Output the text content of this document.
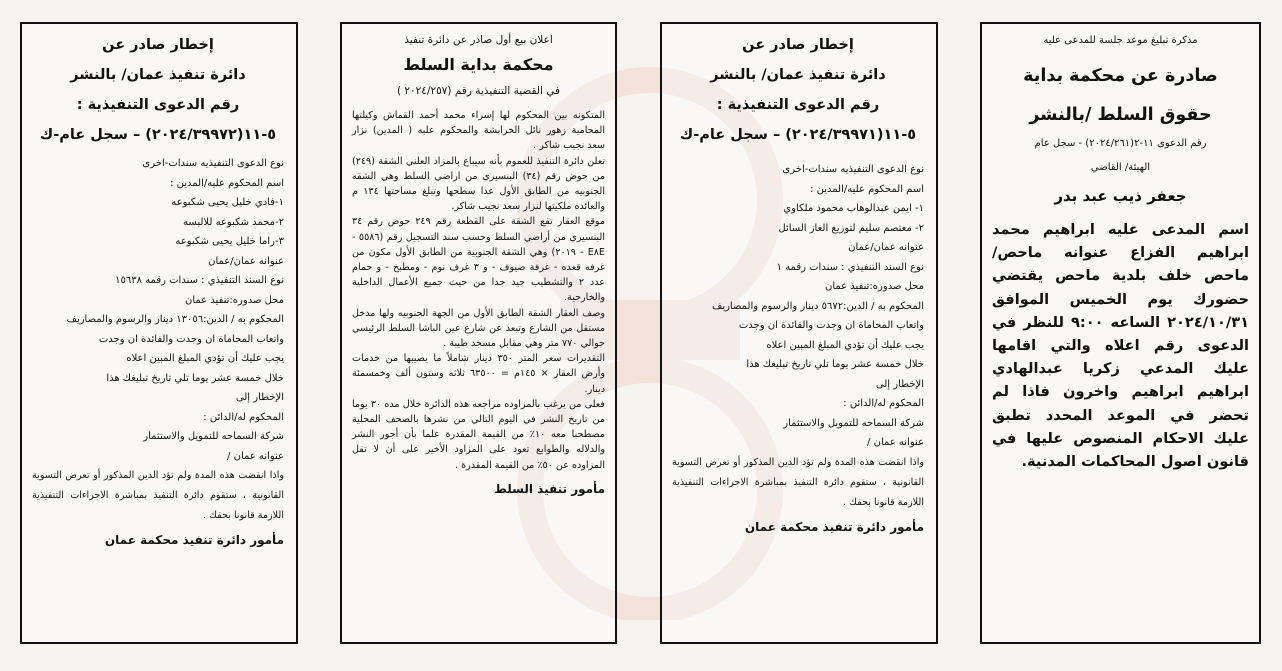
إخطار صادر عن
دائرة تنفيذ عمان/ بالنشر
رقم الدعوى التنفيذية :
٥-١١(٢٠٢٤/٣٩٩٧٢) – سجل عام-ك

نوع الدعوى التنفيذيه سندات-اخرى

اسم المحكوم عليه/المدين :

١-فادي خليل يحيى شكبوعه

٢-محمد شكبوعه للالبسه

٣-راما خليل يحيى شكبوعه

عنوانه عمان/عمان

نوع السند التنفيذي : سندات رقمه ١٥٦٣٨

محل صدوره:تنفيذ عمان

المحكوم به / الدين:١٣٠٥٦ دينار والرسوم والمصاريف

واتعاب المحاماة ان وجدت والفائدة ان وجدت

يجب عليك أن تؤدي المبلغ المبين اعلاه

خلال خمسة عشر يوما تلي تاريخ تبليغك هذا

الإخطار إلى

المحكوم له/الدائن :

شركة السماحه للتمويل والاستثمار

عنوانه عمان /

واذا انقضت هذه المدة ولم تؤد الدين المذكور أو تعرض التسوية القانونية ، ستقوم دائرة التنفيذ بمباشرة الاجراءات التنفيذية اللازمة قانونا بحقك .

مأمور دائرة تنفيذ محكمة عمان
اعلان بيع أول صادر عن دائرة تنفيذ
محكمة بداية السلط
في القضية التنفيذية رقم (٢٠٢٤/٢٥٧ )

المتكونه بين المحكوم لها إسراء محمد أحمد القماش وكيلتها المحامية زهور نائل الخرابشة والمحكوم عليه ( المدين) نزار سعد نجيب شاكر .

تعلن دائرة التنفيذ للعموم بأنه سيباع بالمزاد العلني الشقة (٢٤٩) من حوض رقم (٣٤) البنسيري من اراضي السلط وهي الشقه الجنوبيه من الطابق الأول عدا سطحها وتبلغ مساحتها ١٣٤ م والعائده ملكيتها لنزار سعد نجيب شاكر.

موقع العقار تقع الشقة على القطعة رقم ٢٤٩ حوض رقم ٣٤ البنسيري من أراضي السلط وحسب سند التسجيل رقم (٥٥٨٦ - E٨E - ٢٠١٩) وهي الشقة الجنوبية من الطابق الأول مكون من غرفه قعده - غرفة ضيوف - و ٣ غرف نوم - ومطبخ - و حمام عدد ٢ والتشطيب جيد جدا من حيث جميع الأعمال الداخلية والخارجية.

وصف العقار الشقة الطابق الأول من الجهة الجنوبيه ولها مدخل مستقل من الشارع وتبعد عن شارع عين الباشا السلط الرئيسي حوالي ٧٧٠ متر وهي مقابل مسجد طيبة .

التقديرات سعر المتر ٣٥٠ دينار شاملاً ما يصيبها من خدمات وأرض العقار × ١٤٥م = ٦٣٥٠٠ ثلاثه وستون ألف وخمسمئة دينار.

فعلى من يرغب بالمزاوده مراجعه هذه الدائرة خلال مده ٣٠ يوما من تاريخ النشر في اليوم التالي من نشرها بالصحف المحلية مصطحبا معه ١٠٪ من القيمة المقدرة علما بأن أجور النشر والدلاله والطوابع تعود على المزاود الأخير على أن لا تقل المزاوده عن ٥٠٪ من القيمة المقدرة .

مأمور تنفيذ السلط
إخطار صادر عن
دائرة تنفيذ عمان/ بالنشر
رقم الدعوى التنفيذية :
٥-١١(٢٠٢٤/٣٩٩٧١) – سجل عام-ك

نوع الدعوى التنفيذيه سندات-اخرى

اسم المحكوم عليه/المدين :

١- ايمن عبدالوهاب محمود ملكاوي

٢- معتصم سليم لتوزيع الغاز السائل

عنوانه عمان/عمان

نوع السند التنفيذي : سندات رقمه ١

محل صدوره:تنفيذ عمان

المحكوم به / الدين:٥٦٧٢ دينار والرسوم والمصاريف

واتعاب المحاماة ان وجدت والفائدة ان وجدت

يجب عليك أن تؤدي المبلغ المبين اعلاه

خلال خمسة عشر يوما تلي تاريخ تبليغك هذا

الإخطار إلى

المحكوم له/الدائن :

شركة السماحه للتمويل والاستثمار

عنوانه عمان /

واذا انقضت هذه المدة ولم تؤد الدين المذكور أو تعرض التسوية القانونية ، ستقوم دائرة التنفيذ بمباشرة الاجراءات التنفيذية اللازمة قانونا بحقك .

مأمور دائرة تنفيذ محكمة عمان
مذكرة تبليغ موعد جلسة للمدعى عليه
صادرة عن محكمة بداية
حقوق السلط /بالنشر
رقم الدعوى ١١-٢(٢٠٢٤/٢٦١) - سجل عام
الهيئة/ القاضي
جعفر ذيب عبد بدر

اسم المدعى عليه ابراهيم محمد ابراهيم الفزاع عنوانه ماحص/ ماحص خلف بلدية ماحص يقتضي حضورك يوم الخميس الموافق ٢٠٢٤/١٠/٣١ الساعه ٩:٠٠ للنظر في الدعوى رقم اعلاه والتي اقامها عليك المدعي زكريا عبدالهادي ابراهيم ابراهيم واخرون فاذا لم تحضر في الموعد المحدد تطبق عليك الاحكام المنصوص عليها في قانون اصول المحاكمات المدنية.
